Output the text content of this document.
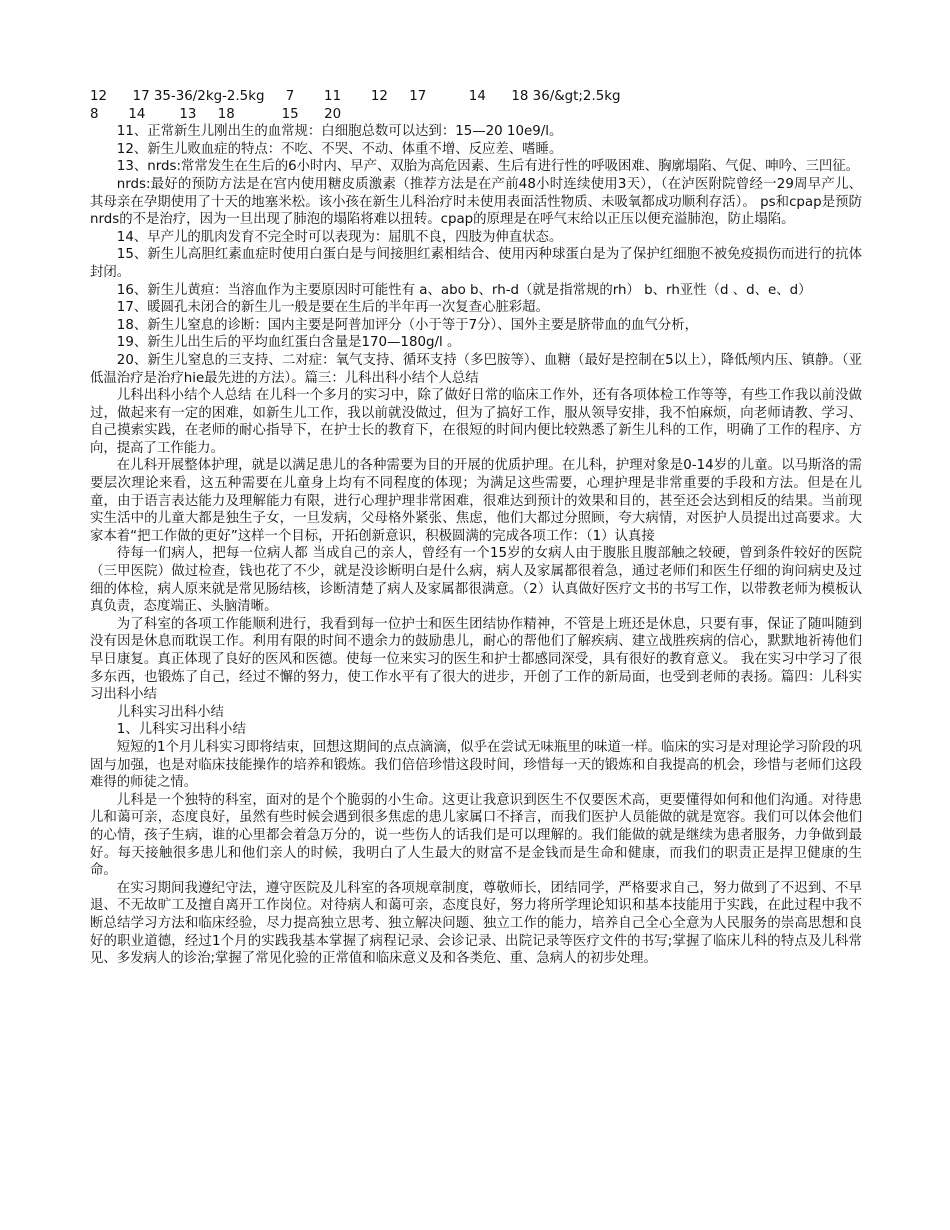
12      17 35-36/2kg-2.5kg     7       11       12     17          14      18 36/&gt;2.5kg
8       14        13     18           15      20

11、正常新生儿刚出生的血常规：白细胞总数可以达到：15—20 10e9/l。

12、新生儿败血症的特点：不吃、不哭、不动、体重不增、反应差、嗜睡。

13、nrds:常常发生在生后的6小时内、早产、双胎为高危因素、生后有进行性的呼吸困难、胸廓塌陷、气促、呻吟、三凹征。

nrds:最好的预防方法是在宫内使用糖皮质激素（推荐方法是在产前48小时连续使用3天），（在泸医附院曾经一29周早产儿、其母亲在孕期使用了十天的地塞米松。该小孩在新生儿科治疗时未使用表面活性物质、未吸氧都成功顺利存活）。 ps和cpap是预防nrds的不是治疗，因为一旦出现了肺泡的塌陷将难以扭转。cpap的原理是在呼气末给以正压以便充溢肺泡，防止塌陷。

14、早产儿的肌肉发育不完全时可以表现为：屈肌不良，四肢为伸直状态。

15、新生儿高胆红素血症时使用白蛋白是与间接胆红素相结合、使用丙种球蛋白是为了保护红细胞不被免疫损伤而进行的抗体封闭。

16、新生儿黄疸：当溶血作为主要原因时可能性有 a、abo b、rh-d（就是指常规的rh） b、rh亚性（d 、d、e、d）

17、暖圆孔未闭合的新生儿一般是要在生后的半年再一次复查心脏彩超。

18、新生儿窒息的诊断：国内主要是阿普加评分（小于等于7分）、国外主要是脐带血的血气分析，

19、新生儿出生后的平均血红蛋白含量是170—180g/l 。

20、新生儿窒息的三支持、二对症：氧气支持、循环支持（多巴胺等）、血糖（最好是控制在5以上），降低颅内压、镇静。（亚低温治疗是治疗hie最先进的方法）。篇三：儿科出科小结个人总结

儿科出科小结个人总结 在儿科一个多月的实习中，除了做好日常的临床工作外，还有各项体检工作等等，有些工作我以前没做过，做起来有一定的困难，如新生儿工作，我以前就没做过，但为了搞好工作，服从领导安排，我不怕麻烦，向老师请教、学习、自己摸索实践，在老师的耐心指导下，在护士长的教育下，在很短的时间内便比较熟悉了新生儿科的工作，明确了工作的程序、方向，提高了工作能力。

在儿科开展整体护理，就是以满足患儿的各种需要为目的开展的优质护理。在儿科，护理对象是0-14岁的儿童。以马斯洛的需要层次理论来看，这五种需要在儿童身上均有不同程度的体现；为满足这些需要，心理护理是非常重要的手段和方法。但是在儿童，由于语言表达能力及理解能力有限，进行心理护理非常困难，很难达到预计的效果和目的，甚至还会达到相反的结果。当前现实生活中的儿童大都是独生子女，一旦发病，父母格外紧张、焦虑，他们大都过分照顾，夸大病情，对医护人员提出过高要求。大家本着“把工作做的更好”这样一个目标，开拓创新意识，积极圆满的完成各项工作：（1）认真接

待每一们病人，把每一位病人都 当成自己的亲人，曾经有一个15岁的女病人由于腹胀且腹部触之较硬，曾到条件较好的医院（三甲医院）做过检查，钱也花了不少，就是没诊断明白是什么病，病人及家属都很着急，通过老师们和医生仔细的询问病史及过细的体检，病人原来就是常见肠结核，诊断清楚了病人及家属都很满意。（2）认真做好医疗文书的书写工作，以带教老师为模板认真负责，态度端正、头脑清晰。

为了科室的各项工作能顺利进行，我看到每一位护士和医生团结协作精神，不管是上班还是休息，只要有事，保证了随叫随到没有因是休息而耽误工作。利用有限的时间不遗余力的鼓励患儿，耐心的帮他们了解疾病、建立战胜疾病的信心，默默地祈祷他们早日康复。真正体现了良好的医风和医德。使每一位来实习的医生和护士都感同深受，具有很好的教育意义。 我在实习中学习了很多东西，也锻炼了自己，经过不懈的努力，使工作水平有了很大的进步，开创了工作的新局面，也受到老师的表扬。篇四：儿科实习出科小结

儿科实习出科小结

1、儿科实习出科小结

短短的1个月儿科实习即将结束，回想这期间的点点滴滴，似乎在尝试无味瓶里的味道一样。临床的实习是对理论学习阶段的巩固与加强，也是对临床技能操作的培养和锻炼。我们倍倍珍惜这段时间，珍惜每一天的锻炼和自我提高的机会，珍惜与老师们这段难得的师徒之情。

儿科是一个独特的科室，面对的是个个脆弱的小生命。这更让我意识到医生不仅要医术高，更要懂得如何和他们沟通。对待患儿和蔼可亲，态度良好，虽然有些时候会遇到很多焦虑的患儿家属口不择言，而我们医护人员能做的就是宽容。我们可以体会他们的心情，孩子生病，谁的心里都会着急万分的，说一些伤人的话我们是可以理解的。我们能做的就是继续为患者服务，力争做到最好。每天接触很多患儿和他们亲人的时候，我明白了人生最大的财富不是金钱而是生命和健康，而我们的职责正是捍卫健康的生命。

在实习期间我遵纪守法，遵守医院及儿科室的各项规章制度，尊敬师长，团结同学，严格要求自己，努力做到了不迟到、不早退、不无故旷工及擅自离开工作岗位。对待病人和蔼可亲，态度良好，努力将所学理论知识和基本技能用于实践，在此过程中我不断总结学习方法和临床经验，尽力提高独立思考、独立解决问题、独立工作的能力，培养自己全心全意为人民服务的崇高思想和良好的职业道德，经过1个月的实践我基本掌握了病程记录、会诊记录、出院记录等医疗文件的书写;掌握了临床儿科的特点及儿科常见、多发病人的诊治;掌握了常见化验的正常值和临床意义及和各类危、重、急病人的初步处理。
